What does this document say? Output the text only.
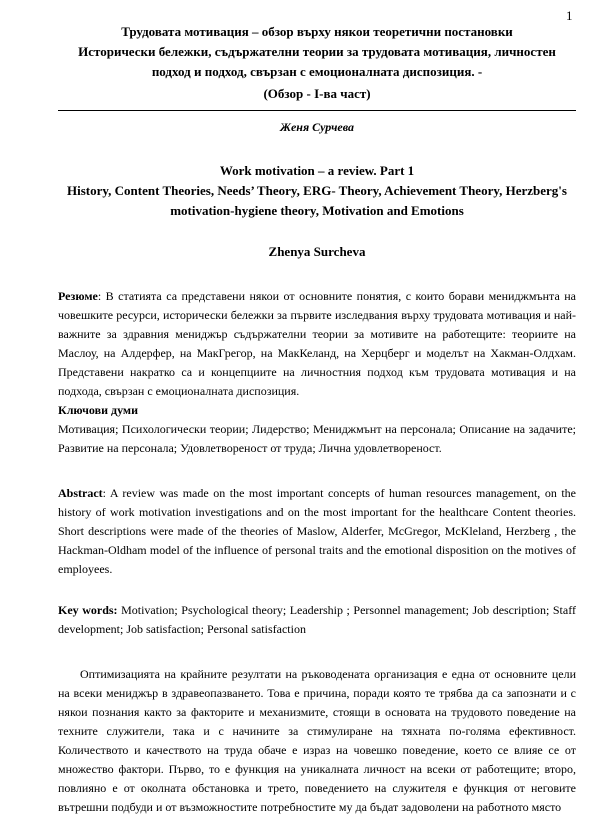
1

Трудовата мотивация – обзор върху някои теоретични постановки

Исторически бележки, съдържателни теории за трудовата мотивация, личностен подход и подход, свързан с емоционалната диспозиция. -

(Обзор - I-ва част)

Женя Сурчева

Work motivation – a review. Part 1

History, Content Theories, Needs’ Theory, ERG- Theory, Achievement Theory, Herzberg's motivation-hygiene theory, Motivation and Emotions

Zhenya Surcheva

Резюме: В статията са представени някои от основните понятия, с които борави мениджмънта на човешките ресурси, исторически бележки за първите изследвания върху трудовата мотивация и най-важните за здравния мениджър съдържателни теории за мотивите на работещите: теориите на Маслоу, на Алдерфер, на МакГрегор, на МакКеланд, на Херцберг и моделът на Хакман-Олдхам. Представени накратко са и концепциите на личностния подход към трудовата мотивация и на подхода, свързан с емоционалната диспозиция.

Ключови думи

Мотивация; Психологически теории; Лидерство; Мениджмънт на персонала; Описание на задачите; Развитие на персонала; Удовлетвореност от труда; Лична удовлетвореност.

Abstract: A review was made on the most important concepts of human resources management, on the history of work motivation investigations and on the most important for the healthcare Content theories. Short descriptions were made of the theories of Maslow, Alderfer, McGregor, McKleland, Herzberg , the Hackman-Oldham model of the influence of personal traits and the emotional disposition on the motives of employees.

Key words: Motivation; Psychological theory; Leadership ; Personnel management; Job description; Staff development; Job satisfaction; Personal satisfaction

Оптимизацията на крайните резултати на ръководената организация е една от основните цели на всеки мениджър в здравеопазването. Това е причина, поради която те трябва да са запознати и с някои познания както за факторите и механизмите, стоящи в основата на трудовото поведение на техните служители, така и с начините за стимулиране на тяхната по-голяма ефективност. Количеството и качеството на труда обаче е израз на човешко поведение, което се влияе се от множество фактори. Първо, то е функция на уникалната личност на всеки от работещите; второ, повлияно е от околната обстановка и трето, поведението на служителя е функция от неговите вътрешни подбуди и от възможностите потребностите му да бъдат задоволени на работното място
